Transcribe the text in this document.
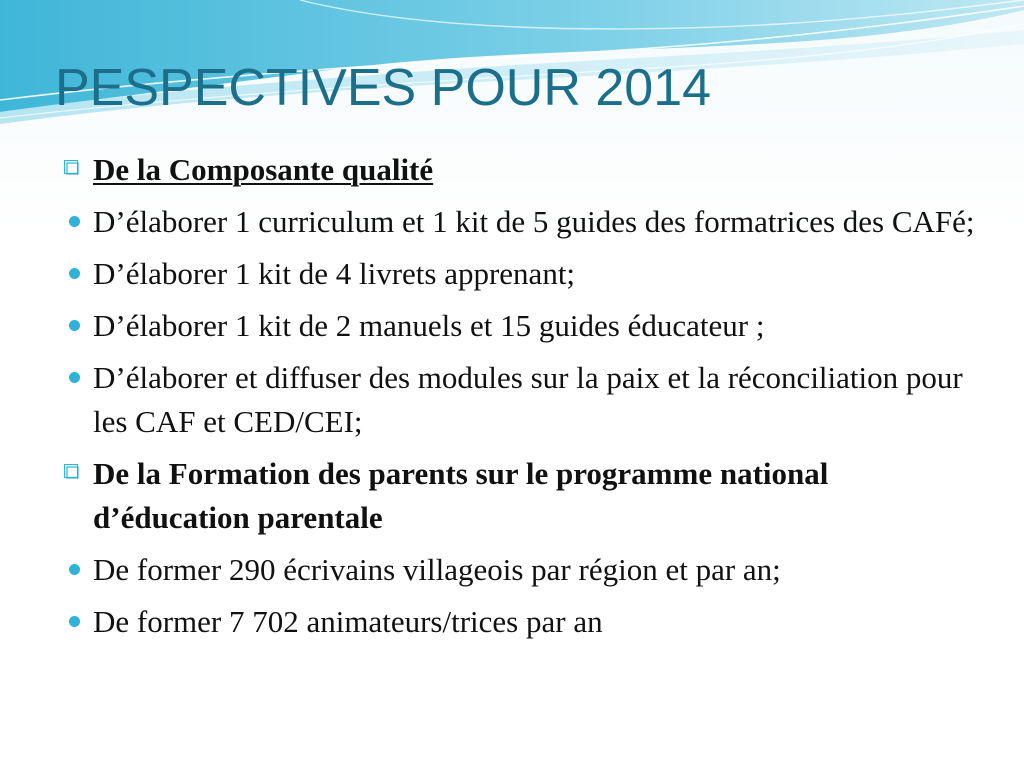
PESPECTIVES POUR 2014
De la Composante qualité
D’élaborer 1 curriculum et 1 kit de 5 guides des formatrices des CAFé;
D’élaborer 1 kit de 4 livrets apprenant;
D’élaborer 1 kit de 2 manuels et 15 guides éducateur ;
D’élaborer et diffuser des modules sur la paix et la réconciliation pour les CAF et CED/CEI;
De la Formation des parents sur le programme national d’éducation parentale
De former 290 écrivains villageois par région et par an;
De former 7 702 animateurs/trices par an
